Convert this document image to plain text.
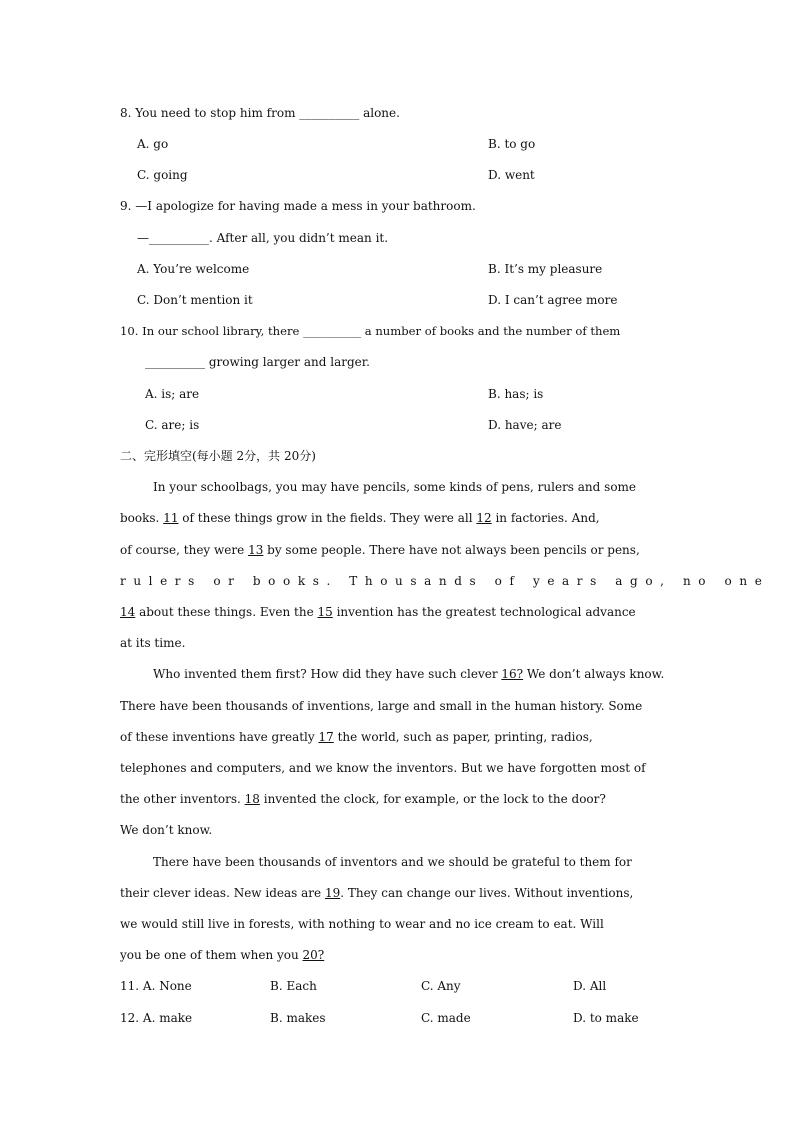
8. You need to stop him from __________ alone.
A. go	B. to go
C. going	D. went
9. —I apologize for having made a mess in your bathroom.
—__________. After all, you didn’t mean it.
A. You’re welcome	B. It’s my pleasure
C. Don’t mention it	D. I can’t agree more
10. In our school library, there __________ a number of books and the number of them
__________ growing larger and larger.
A. is; are	B. has; is
C. are; is	D. have; are
二、完形填空(每小题 2分，共 20分)
In your schoolbags, you may have pencils, some kinds of pens, rulers and some
books. 11 of these things grow in the fields. They were all 12 in factories. And,
of course, they were 13 by some people. There have not always been pencils or pens,
rulers or books. Thousands of years ago, no one
14 about these things. Even the 15 invention has the greatest technological advance
at its time.
Who invented them first? How did they have such clever 16? We don’t always know.
There have been thousands of inventions, large and small in the human history. Some
of these inventions have greatly 17 the world, such as paper, printing, radios,
telephones and computers, and we know the inventors. But we have forgotten most of
the other inventors. 18 invented the clock, for example, or the lock to the door?
We don’t know.
There have been thousands of inventors and we should be grateful to them for
their clever ideas. New ideas are 19. They can change our lives. Without inventions,
we would still live in forests, with nothing to wear and no ice cream to eat. Will
you be one of them when you 20?
11. A. None	B. Each	C. Any	D. All
12. A. make	B. makes	C. made	D. to make
